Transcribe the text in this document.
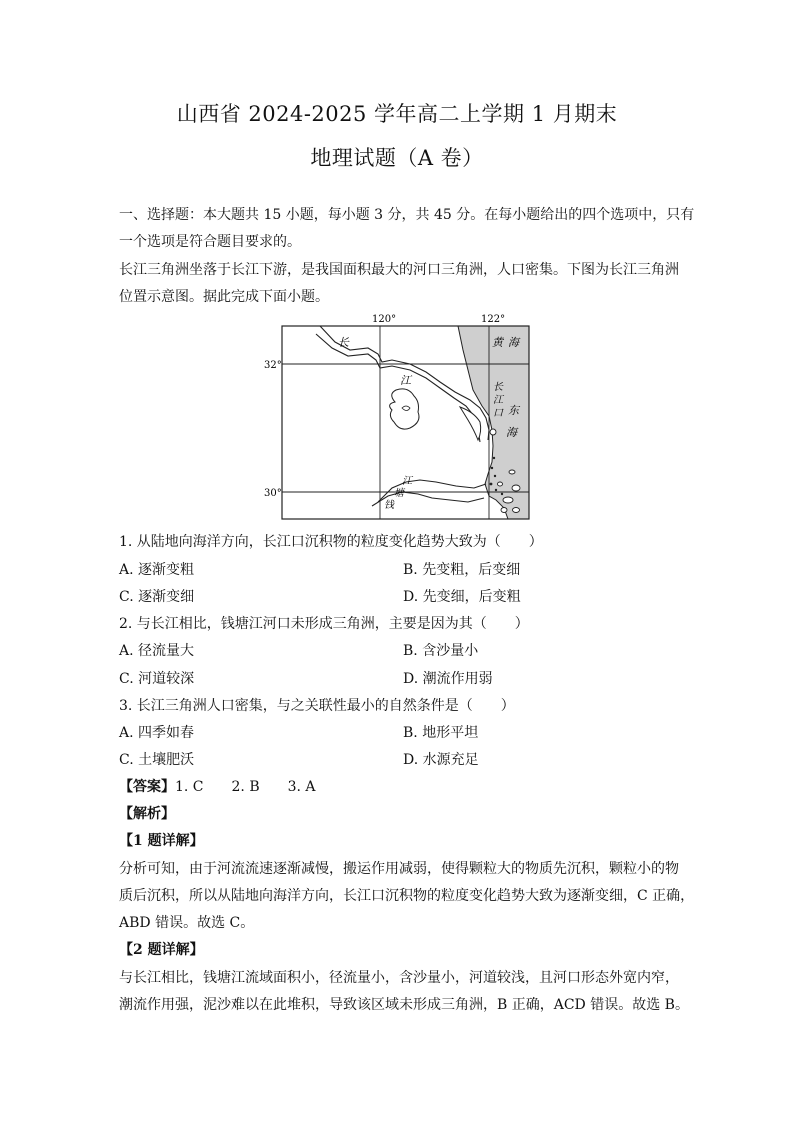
山西省 2024-2025 学年高二上学期 1 月期末
地理试题（A 卷）
一、选择题：本大题共 15 小题，每小题 3 分，共 45 分。在每小题给出的四个选项中，只有
一个选项是符合题目要求的。
长江三角洲坐落于长江下游，是我国面积最大的河口三角洲，人口密集。下图为长江三角洲
位置示意图。据此完成下面小题。
120°	122°
32°
30°
黄 海
长
江
长
江
口 东
海
江
塘
钱
1. 从陆地向海洋方向，长江口沉积物的粒度变化趋势大致为（　　）
A. 逐渐变粗	B. 先变粗，后变细
C. 逐渐变细	D. 先变细，后变粗
2. 与长江相比，钱塘江河口未形成三角洲，主要是因为其（　　）
A. 径流量大	B. 含沙量小
C. 河道较深	D. 潮流作用弱
3. 长江三角洲人口密集，与之关联性最小的自然条件是（　　）
A. 四季如春	B. 地形平坦
C. 土壤肥沃	D. 水源充足
【答案】1. C　　2. B　　3. A
【解析】
【1 题详解】
分析可知，由于河流流速逐渐减慢，搬运作用减弱，使得颗粒大的物质先沉积，颗粒小的物
质后沉积，所以从陆地向海洋方向，长江口沉积物的粒度变化趋势大致为逐渐变细，C 正确，
ABD 错误。故选 C。
【2 题详解】
与长江相比，钱塘江流域面积小，径流量小，含沙量小，河道较浅，且河口形态外宽内窄，
潮流作用强，泥沙难以在此堆积，导致该区域未形成三角洲，B 正确，ACD 错误。故选 B。
